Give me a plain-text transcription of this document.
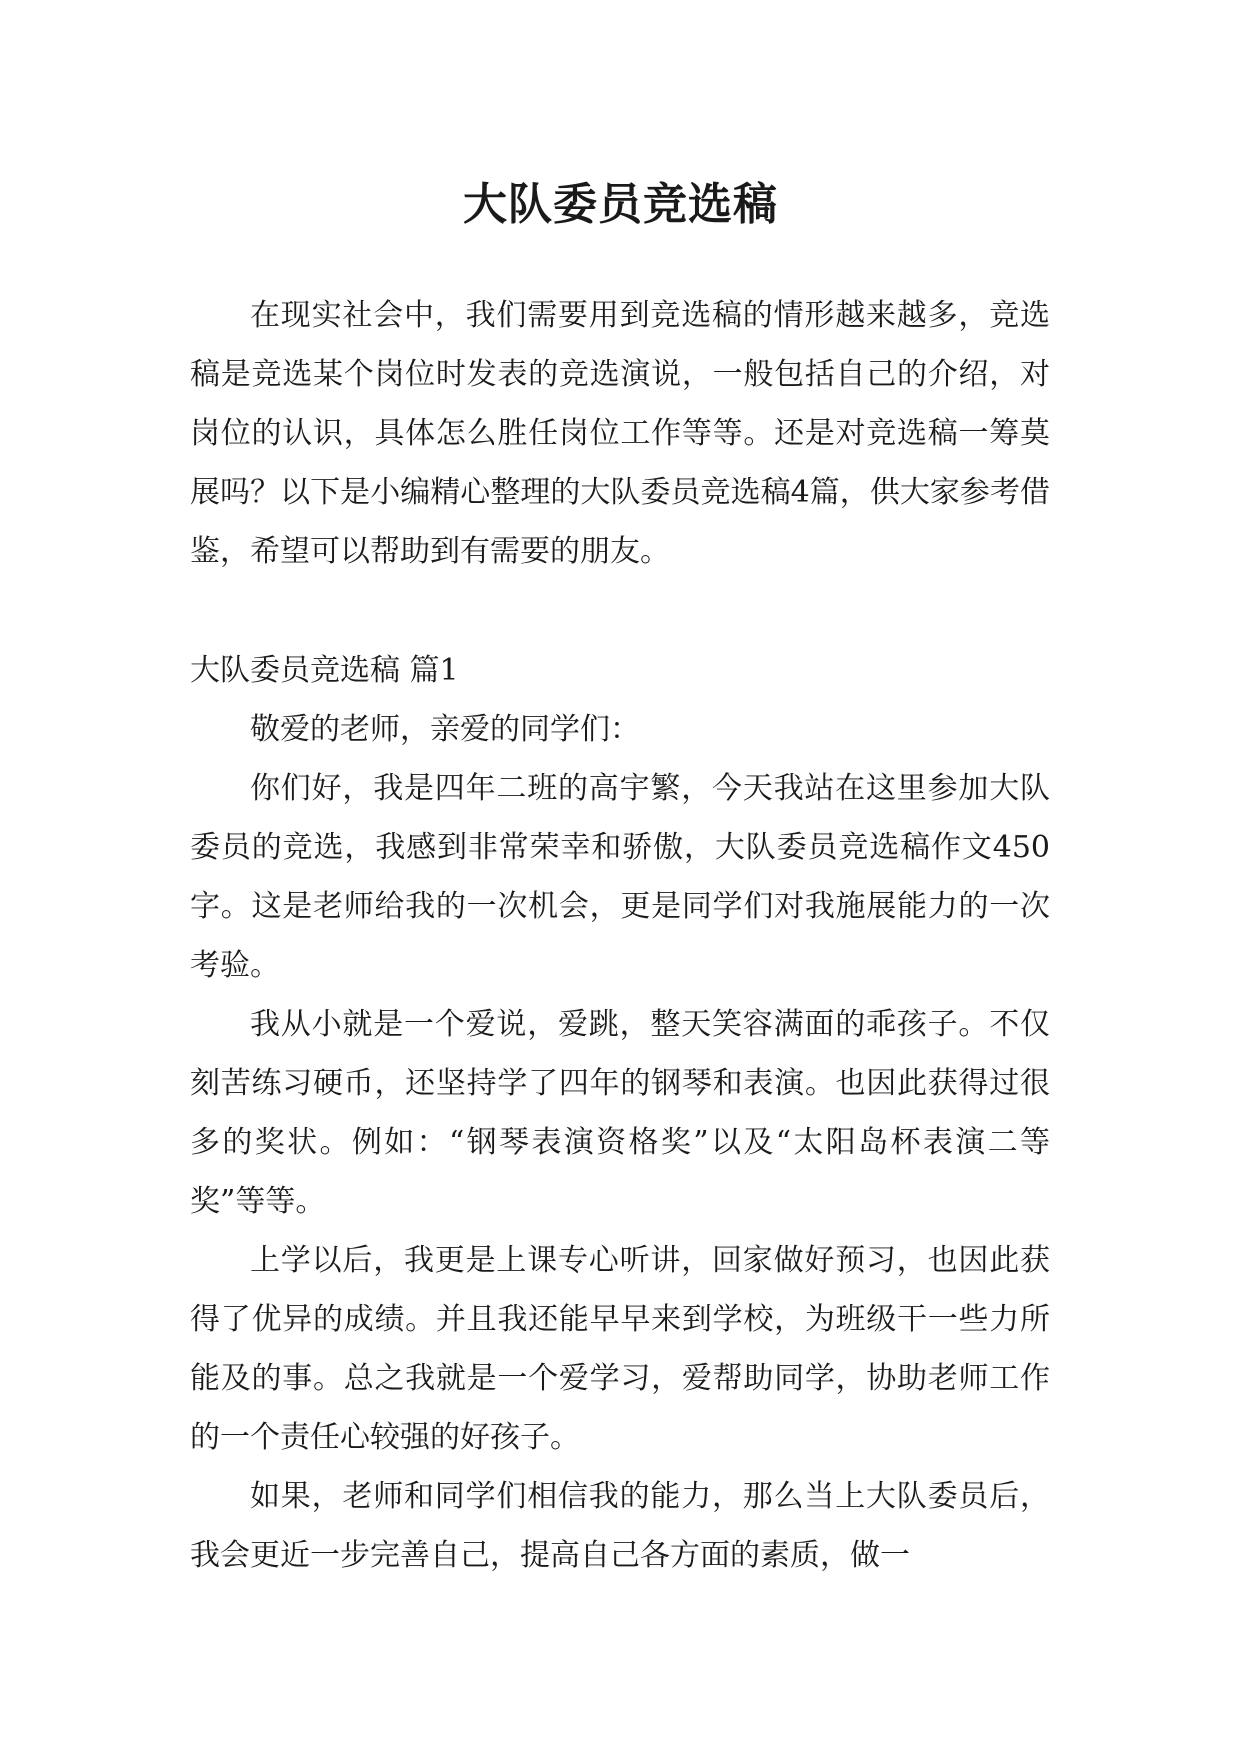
大队委员竞选稿

在现实社会中，我们需要用到竞选稿的情形越来越多，竞选稿是竞选某个岗位时发表的竞选演说，一般包括自己的介绍，对岗位的认识，具体怎么胜任岗位工作等等。还是对竞选稿一筹莫展吗？以下是小编精心整理的大队委员竞选稿4篇，供大家参考借鉴，希望可以帮助到有需要的朋友。

大队委员竞选稿 篇1

敬爱的老师，亲爱的同学们：

你们好，我是四年二班的高宇繁，今天我站在这里参加大队委员的竞选，我感到非常荣幸和骄傲，大队委员竞选稿作文450字。这是老师给我的一次机会，更是同学们对我施展能力的一次考验。

我从小就是一个爱说，爱跳，整天笑容满面的乖孩子。不仅刻苦练习硬币，还坚持学了四年的钢琴和表演。也因此获得过很多的奖状。例如：“钢琴表演资格奖”以及“太阳岛杯表演二等奖”等等。

上学以后，我更是上课专心听讲，回家做好预习，也因此获得了优异的成绩。并且我还能早早来到学校，为班级干一些力所能及的事。总之我就是一个爱学习，爱帮助同学，协助老师工作的一个责任心较强的好孩子。

如果，老师和同学们相信我的能力，那么当上大队委员后，我会更近一步完善自己，提高自己各方面的素质，做一
